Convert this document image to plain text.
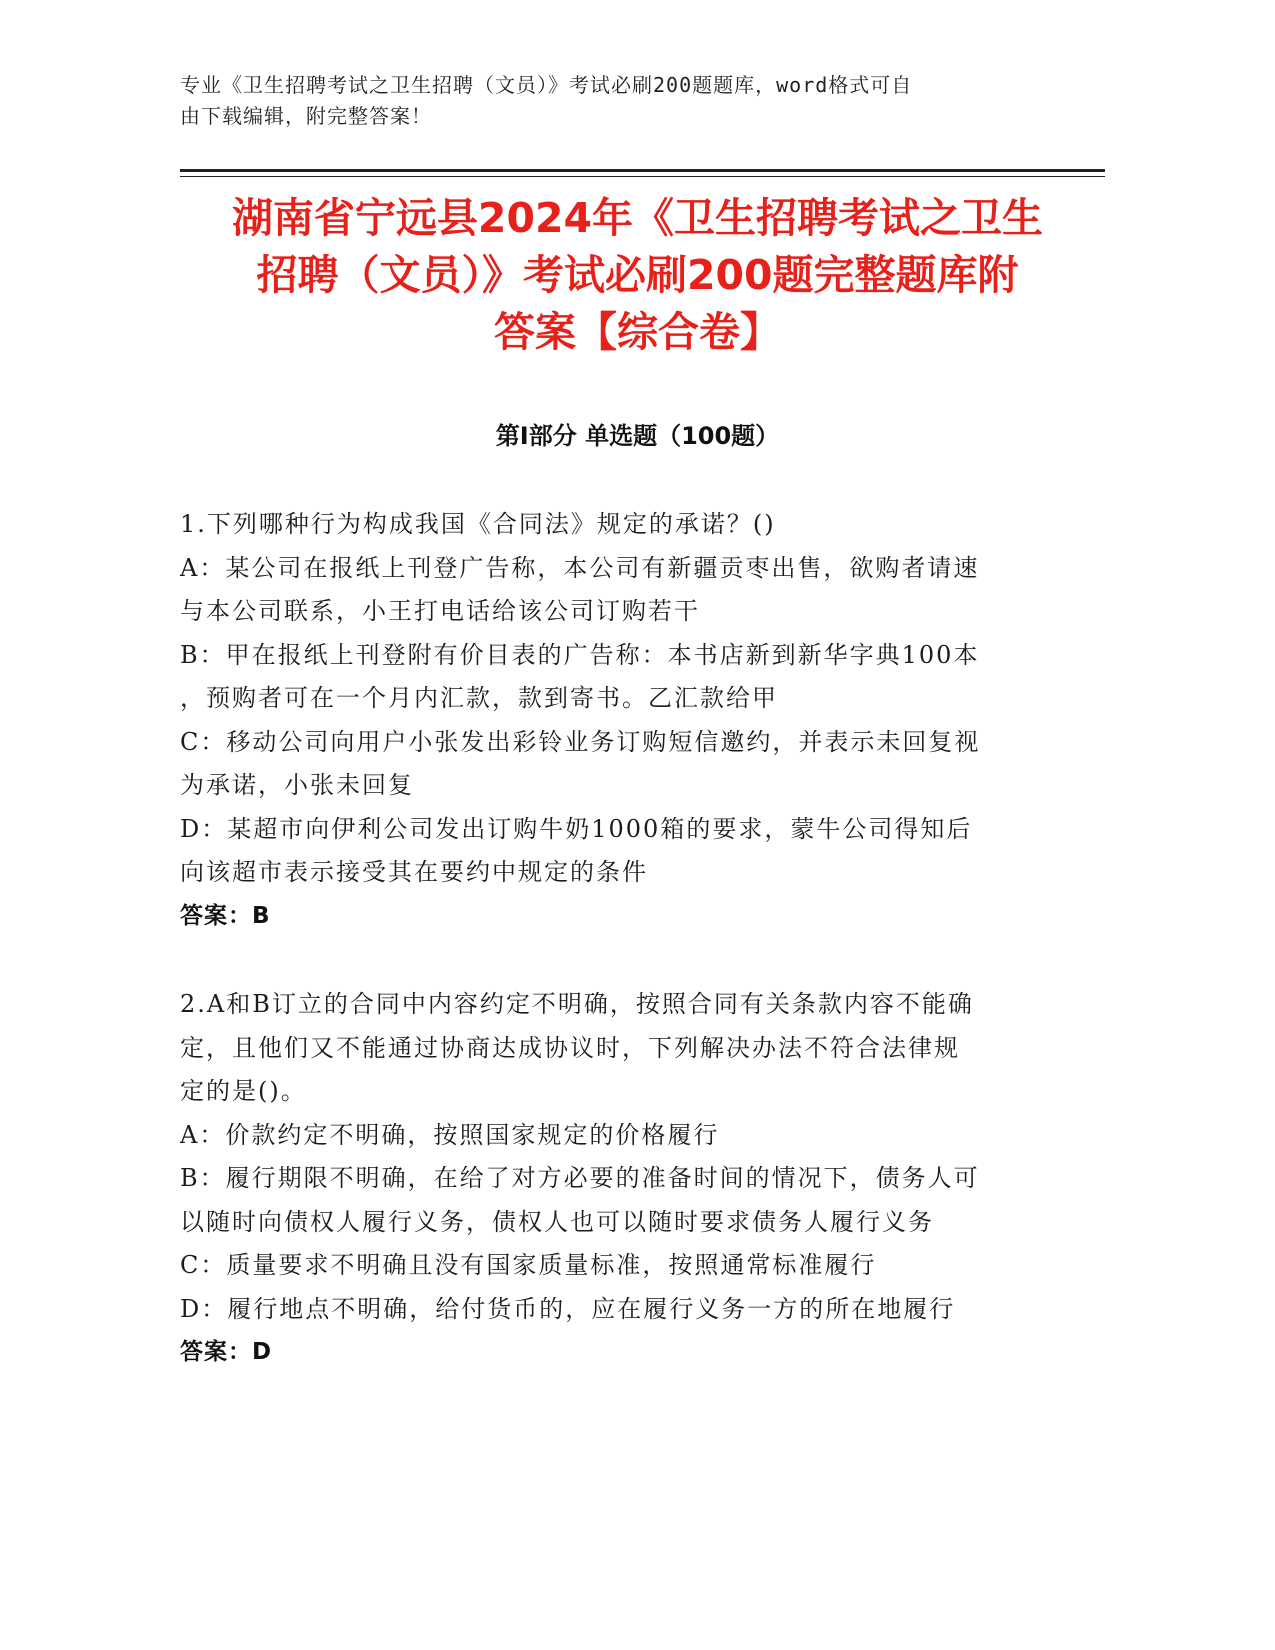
专业《卫生招聘考试之卫生招聘（文员）》考试必刷200题题库，word格式可自
由下载编辑，附完整答案！
湖南省宁远县2024年《卫生招聘考试之卫生
招聘（文员）》考试必刷200题完整题库附
答案【综合卷】
第Ⅰ部分 单选题（100题）

1.下列哪种行为构成我国《合同法》规定的承诺？()

A：某公司在报纸上刊登广告称，本公司有新疆贡枣出售，欲购者请速

与本公司联系，小王打电话给该公司订购若干

B：甲在报纸上刊登附有价目表的广告称：本书店新到新华字典100本

，预购者可在一个月内汇款，款到寄书。乙汇款给甲

C：移动公司向用户小张发出彩铃业务订购短信邀约，并表示未回复视

为承诺，小张未回复

D：某超市向伊利公司发出订购牛奶1000箱的要求，蒙牛公司得知后

向该超市表示接受其在要约中规定的条件

答案：B

2.A和B订立的合同中内容约定不明确，按照合同有关条款内容不能确

定，且他们又不能通过协商达成协议时，下列解决办法不符合法律规

定的是()。

A：价款约定不明确，按照国家规定的价格履行

B：履行期限不明确，在给了对方必要的准备时间的情况下，债务人可

以随时向债权人履行义务，债权人也可以随时要求债务人履行义务

C：质量要求不明确且没有国家质量标准，按照通常标准履行

D：履行地点不明确，给付货币的，应在履行义务一方的所在地履行

答案：D
